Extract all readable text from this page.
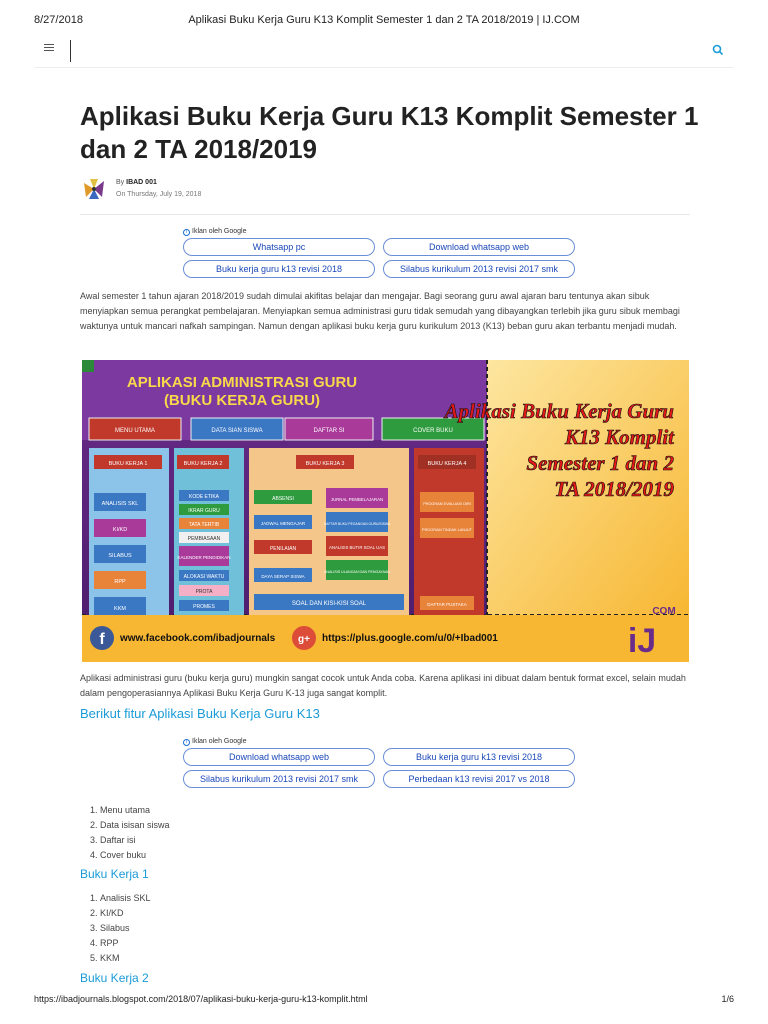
8/27/2018	Aplikasi Buku Kerja Guru K13 Komplit Semester 1 dan 2 TA 2018/2019 | IJ.COM
Aplikasi Buku Kerja Guru K13 Komplit Semester 1 dan 2 TA 2018/2019
By IBAD 001
On Thursday, July 19, 2018
i Iklan oleh Google
Whatsapp pc	Download whatsapp web
Buku kerja guru k13 revisi 2018	Silabus kurikulum 2013 revisi 2017 smk

Awal semester 1 tahun ajaran 2018/2019 sudah dimulai akifitas belajar dan mengajar. Bagi seorang guru awal ajaran baru tentunya akan sibuk menyiapkan semua perangkat pembelajaran. Menyiapkan semua administrasi guru tidak semudah yang dibayangkan terlebih jika guru sibuk membagi waktunya untuk mancari nafkah sampingan. Namun dengan aplikasi buku kerja guru kurikulum 2013 (K13) beban guru akan terbantu menjadi mudah.

APLIKASI ADMINISTRASI GURU
(BUKU KERJA GURU)
MENU UTAMA	DATA SIAN SISWA	DAFTAR SI	COVER BUKU
Aplikasi Buku Kerja Guru
K13 Komplit
Semester 1 dan 2
TA 2018/2019
BUKU KERJA 1
ANALISIS SKL
KI/KD
SILABUS
RPP
KKM
BUKU KERJA 2
KODE ETIKA
IKRAR GURU
TATA TERTIB
PEMBIASAAN
KALENDER PENDIDIKAN
ALOKASI WAKTU
PROTA
PROMES
BUKU KERJA 3
ABSENSI
JADWAL MENGAJAR
PENILAIAN
DAYA SERAP SISWA
JURNAL PEMBELAJARAN
DAFTAR BUKU PEGANGAN GURU/SISWA
ANALISIS BUTIR SOAL UAS
ANALISIS ULANGAN DAN PENGAYAAN
SOAL DAN KISI-KISI SOAL
BUKU KERJA 4
PROGRAM EVALUASI DIRI
PROGRAM TINDAK LANJUT
DAFTAR PUSTAKA
f www.facebook.com/ibadjournals g+ https://plus.google.com/u/0/+Ibad001	iJ
COM

Aplikasi administrasi guru (buku kerja guru) mungkin sangat cocok untuk Anda coba. Karena aplikasi ini dibuat dalam bentuk format excel, selain mudah dalam pengoperasiannya Aplikasi Buku Kerja Guru K-13 juga sangat komplit.

Berikut fitur Aplikasi Buku Kerja Guru K13
i Iklan oleh Google
Download whatsapp web	Buku kerja guru k13 revisi 2018
Silabus kurikulum 2013 revisi 2017 smk	Perbedaan k13 revisi 2017 vs 2018
1. Menu utama
2. Data isisan siswa
3. Daftar isi
4. Cover buku
Buku Kerja 1
1. Analisis SKL
2. KI/KD
3. Silabus
4. RPP
5. KKM
Buku Kerja 2
https://ibadjournals.blogspot.com/2018/07/aplikasi-buku-kerja-guru-k13-komplit.html	1/6
